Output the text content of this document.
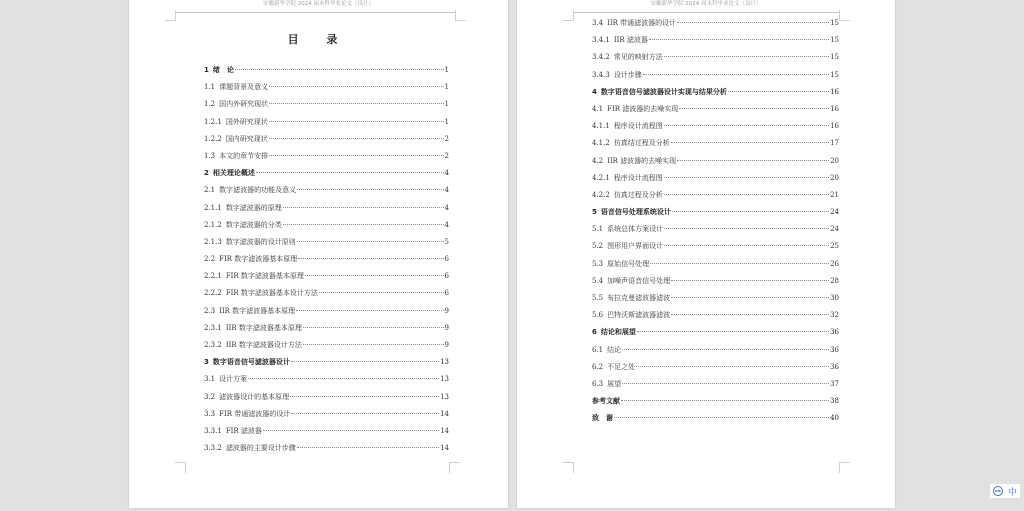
安徽新华学院 2024 届本科毕业论文（设计）
目 录
1 绪　论	1
1.1 课题背景及意义	1
1.2 国内外研究现状	1
1.2.1 国外研究现状	1
1.2.2 国内研究现状	2
1.3 本文的章节安排	2
2 相关理论概述	4
2.1 数字滤波器的功能及意义	4
2.1.1 数字滤波器的原理	4
2.1.2 数字滤波器的分类	4
2.1.3 数字滤波器的设计原则	5
2.2 FIR 数字滤波器基本原理	6
2.2.1 FIR 数字滤波器基本原理	6
2.2.2 FIR 数字滤波器基本设计方法	6
2.3 IIR 数字滤波器基本原理	9
2.3.1 IIR 数字滤波器基本原理	9
2.3.2 IIR 数字滤波器设计方法	9
3 数字语音信号滤波器设计	13
3.1 设计方案	13
3.2 滤波器设计的基本原理	13
3.3 FIR 带通滤波器的设计	14
3.3.1 FIR 滤波器	14
3.3.2 滤波器的主要设计步骤	14
安徽新华学院 2024 届本科毕业论文（设计）
3.4 IIR 带通滤波器的设计	15
3.4.1 IIR 滤波器	15
3.4.2 常见的映射方法	15
3.4.3 设计步骤	15
4 数字语音信号滤波器设计实现与结果分析	16
4.1 FIR 滤波器的去噪实现	16
4.1.1 程序设计流程图	16
4.1.2 仿真结过程及分析	17
4.2 IIR 滤波器的去噪实现	20
4.2.1 程序设计流程图	20
4.2.2 仿真过程及分析	21
5 语音信号处理系统设计	24
5.1 系统总体方案设计	24
5.2 图形用户界面设计	25
5.3 原始信号处理	26
5.4 加噪声语音信号处理	28
5.5 布拉克曼滤波器滤波	30
5.6 巴特沃斯滤波器滤波	32
6 结论和展望	36
6.1 结论	36
6.2 不足之处	36
6.3 展望	37
参考文献	38
致　谢	40
IME 中
